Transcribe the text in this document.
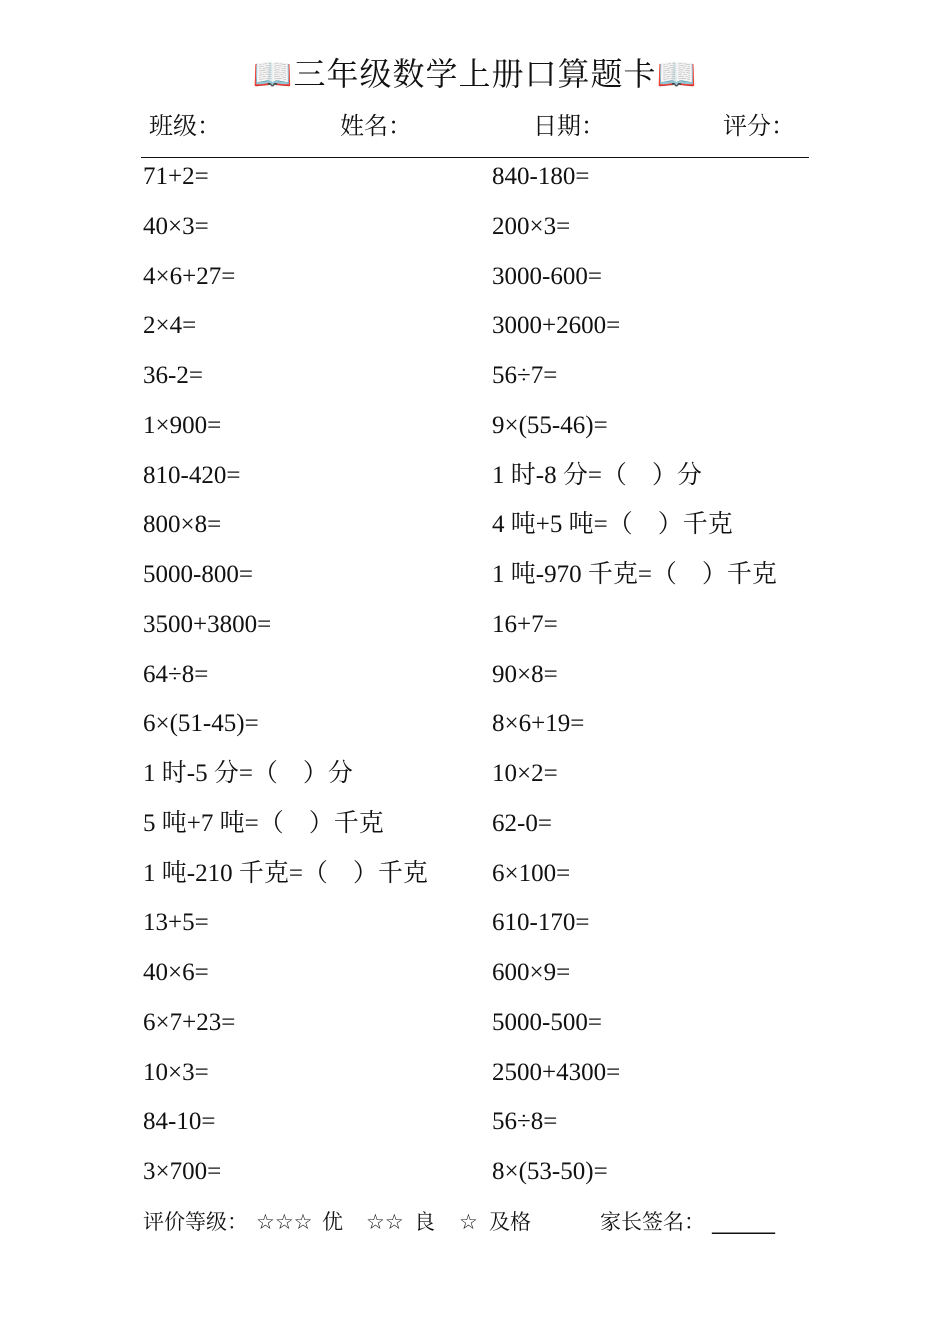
📖三年级数学上册口算题卡📖
班级：	姓名：	日期：	评分：
71+2=
40×3=
4×6+27=
2×4=
36-2=
1×900=
810-420=
800×8=
5000-800=
3500+3800=
64÷8=
6×(51-45)=
1 时-5 分=（　）分
5 吨+7 吨=（　）千克
1 吨-210 千克=（　）千克
13+5=
40×6=
6×7+23=
10×3=
84-10=
3×700=
840-180=
200×3=
3000-600=
3000+2600=
56÷7=
9×(55-46)=
1 时-8 分=（　）分
4 吨+5 吨=（　）千克
1 吨-970 千克=（　）千克
16+7=
90×8=
8×6+19=
10×2=
62-0=
6×100=
610-170=
600×9=
5000-500=
2500+4300=
56÷8=
8×(53-50)=
评价等级： ☆☆☆ 优 ☆☆ 良 ☆ 及格	家长签名： ______
